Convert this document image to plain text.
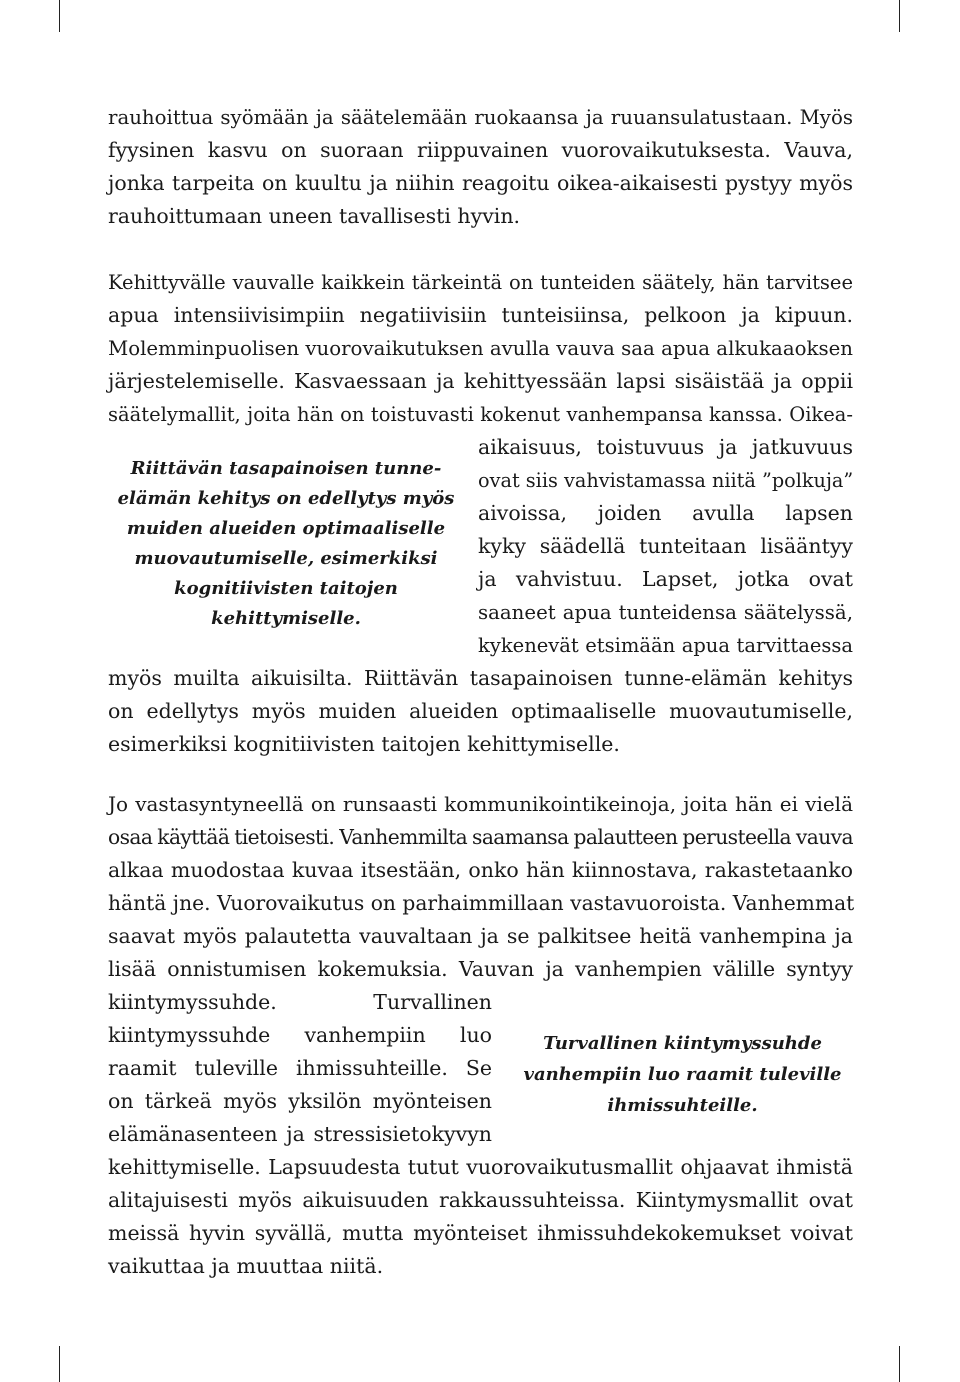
rauhoittua syömään ja säätelemään ruokaansa ja ruuansulatustaan. Myös

fyysinen kasvu on suoraan riippuvainen vuorovaikutuksesta. Vauva,

jonka tarpeita on kuultu ja niihin reagoitu oikea-aikaisesti pystyy myös

rauhoittumaan uneen tavallisesti hyvin.

Kehittyvälle vauvalle kaikkein tärkeintä on tunteiden säätely, hän tarvitsee

apua intensiivisimpiin negatiivisiin tunteisiinsa, pelkoon ja kipuun.

Molemminpuolisen vuorovaikutuksen avulla vauva saa apua alkukaaoksen

järjestelemiselle. Kasvaessaan ja kehittyessään lapsi sisäistää ja oppii

säätelymallit, joita hän on toistuvasti kokenut vanhempansa kanssa. Oikea-

aikaisuus, toistuvuus ja jatkuvuus

ovat siis vahvistamassa niitä ”polkuja”

aivoissa, joiden avulla lapsen

kyky säädellä tunteitaan lisääntyy

ja vahvistuu. Lapset, jotka ovat

saaneet apua tunteidensa säätelyssä,

kykenevät etsimään apua tarvittaessa

myös muilta aikuisilta. Riittävän tasapainoisen tunne-elämän kehitys

on edellytys myös muiden alueiden optimaaliselle muovautumiselle,

esimerkiksi kognitiivisten taitojen kehittymiselle.

Riittävän tasapainoisen tunne-

elämän kehitys on edellytys myös

muiden alueiden optimaaliselle

muovautumiselle, esimerkiksi

kognitiivisten taitojen

kehittymiselle.

Jo vastasyntyneellä on runsaasti kommunikointikeinoja, joita hän ei vielä

osaa käyttää tietoisesti. Vanhemmilta saamansa palautteen perusteella vauva

alkaa muodostaa kuvaa itsestään, onko hän kiinnostava, rakastetaanko

häntä jne. Vuorovaikutus on parhaimmillaan vastavuoroista. Vanhemmat

saavat myös palautetta vauvaltaan ja se palkitsee heitä vanhempina ja

lisää onnistumisen kokemuksia. Vauvan ja vanhempien välille syntyy

kiintymyssuhde. Turvallinen

kiintymyssuhde vanhempiin luo

raamit tuleville ihmissuhteille. Se

on tärkeä myös yksilön myönteisen

elämänasenteen ja stressisietokyvyn

kehittymiselle. Lapsuudesta tutut vuorovaikutusmallit ohjaavat ihmistä

alitajuisesti myös aikuisuuden rakkaussuhteissa. Kiintymysmallit ovat

meissä hyvin syvällä, mutta myönteiset ihmissuhdekokemukset voivat

vaikuttaa ja muuttaa niitä.

Turvallinen kiintymyssuhde

vanhempiin luo raamit tuleville

ihmissuhteille.
